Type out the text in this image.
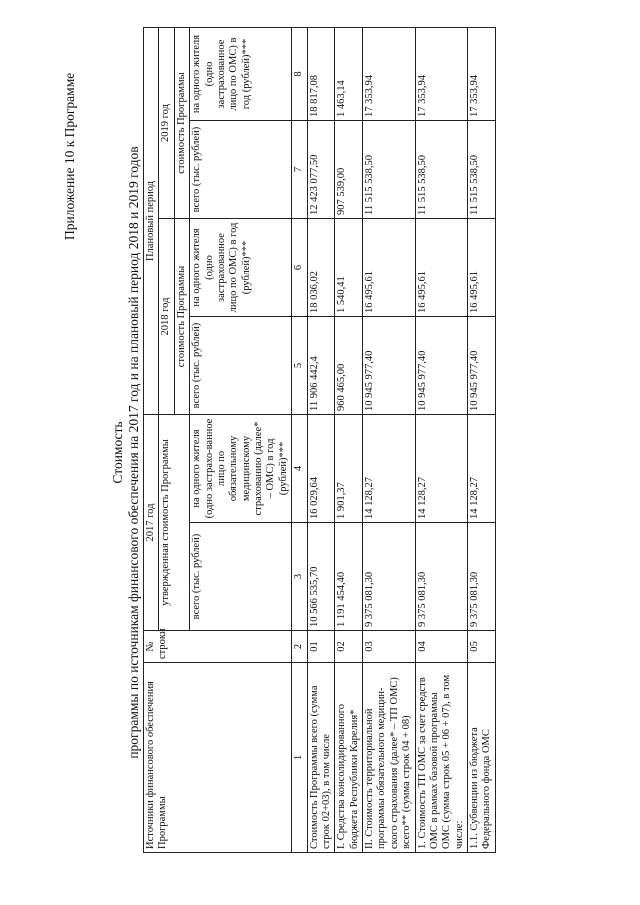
Приложение 10 к Программе
Стоимость программы по источникам финансового обеспечения на 2017 год и на плановый период 2018 и 2019 годов
Источники финансового обеспечения Программы	№ строки	2017 год		Плановый период			
		утвержденная стоимость Программы		2018 год		2019 год	
				стоимость Программы		стоимость Программы	
		всего (тыс. рублей)	на одного жителя (одно застрахо-ванное лицо по обязательному медицинскому страхованию (далее* – ОМС) в год (рублей)***	всего (тыс. рублей)	на одного жителя (одно застрахованное лицо по ОМС) в год (рублей)***	всего (тыс. рублей)	на одного жителя (одно застрахованное лицо по ОМС) в год (рублей)***
1	2	3	4	5	6	7	8
Стоимость Программы всего (сумма строк 02+03), в том числе	01	10 566 535,70	16 029,64	11 906 442,4	18 036,02	12 423 077,50	18 817,08
I. Средства консолидированного бюджета Республики Карелия*	02	1 191 454,40	1 901,37	960 465,00	1 540,41	907 539,00	1 463,14
II. Стоимость территориальной программы обязательного медицин-ского страхования (далее* – ТП ОМС) всего** (сумма строк 04 + 08)	03	9 375 081,30	14 128,27	10 945 977,40	16 495,61	11 515 538,50	17 353,94
1. Стоимость ТП ОМС за счет средств ОМС в рамках базовой программы ОМС (сумма строк 05 + 06 + 07), в том числе:	04	9 375 081,30	14 128,27	10 945 977,40	16 495,61	11 515 538,50	17 353,94
1.1. Субвенции из бюджета Федерального фонда ОМС	05	9 375 081,30	14 128,27	10 945 977,40	16 495,61	11 515 538,50	17 353,94
